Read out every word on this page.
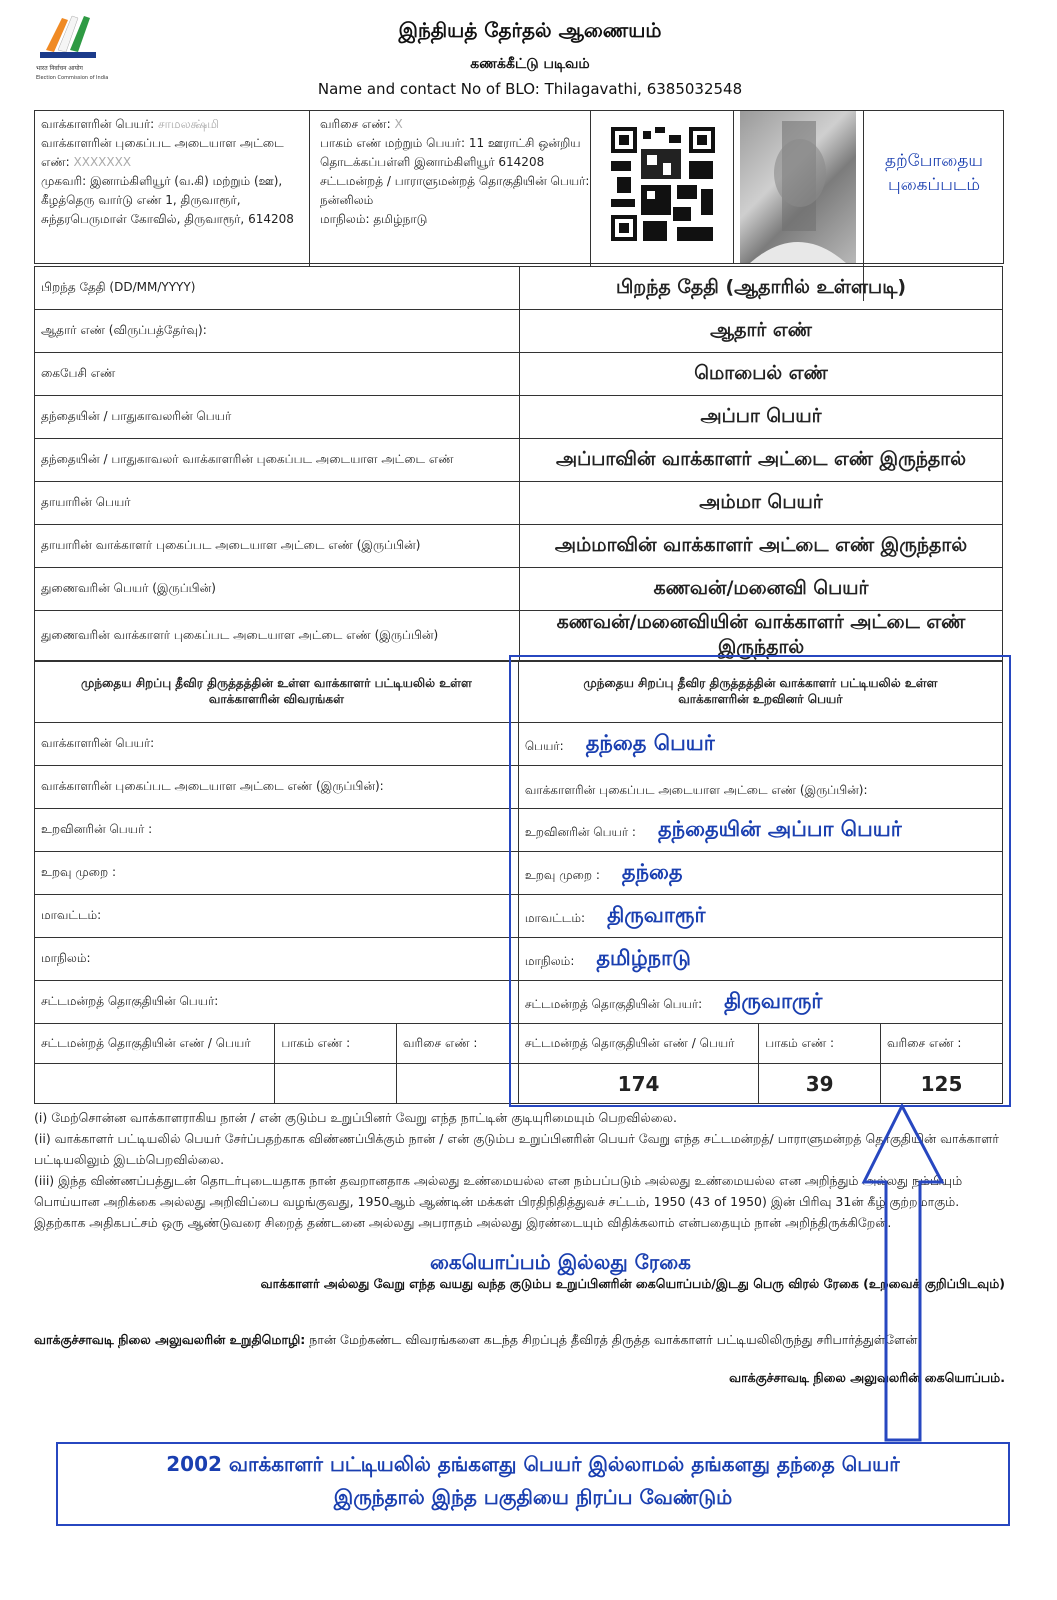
भारत निर्वाचन आयोग
Election Commission of India
இந்தியத் தேர்தல் ஆணையம்
கணக்கீட்டு படிவம்
Name and contact No of BLO: Thilagavathi, 6385032548
வாக்காளரின் பெயர்: சாமலக்ஷ்மி
வாக்காளரின் புகைப்பட அடையாள அட்டை எண்: XXXXXXX
முகவரி: இனாம்கிளியூர் (வ.கி) மற்றும் (ஊ), கீழத்தெரு வார்டு எண் 1, திருவாரூர், சுந்தரபெருமாள் கோவில், திருவாரூர், 614208
வரிசை எண்: X
பாகம் எண் மற்றும் பெயர்: 11 ஊராட்சி ஒன்றிய தொடக்கப்பள்ளி இனாம்கிளியூர் 614208
சட்டமன்றத் / பாராளுமன்றத் தொகுதியின் பெயர்: நன்னிலம்
மாநிலம்: தமிழ்நாடு
தற்போதைய புகைப்படம்
பிறந்த தேதி (DD/MM/YYYY)	பிறந்த தேதி (ஆதாரில் உள்ளபடி)
ஆதார் எண் (விருப்பத்தேர்வு):	ஆதார் எண்
கைபேசி எண்	மொபைல் எண்
தந்தையின் / பாதுகாவலரின் பெயர்	அப்பா பெயர்
தந்தையின் / பாதுகாவலர் வாக்காளரின் புகைப்பட அடையாள அட்டை எண்	அப்பாவின் வாக்காளர் அட்டை எண் இருந்தால்
தாயாரின் பெயர்	அம்மா பெயர்
தாயாரின் வாக்காளர் புகைப்பட அடையாள அட்டை எண் (இருப்பின்)	அம்மாவின் வாக்காளர் அட்டை எண் இருந்தால்
துணைவரின் பெயர் (இருப்பின்)	கணவன்/மனைவி பெயர்
துணைவரின் வாக்காளர் புகைப்பட அடையாள அட்டை எண் (இருப்பின்)	கணவன்/மனைவியின் வாக்காளர் அட்டை எண் இருந்தால்
முந்தைய சிறப்பு தீவிர திருத்தத்தின் உள்ள வாக்காளர் பட்டியலில் உள்ள வாக்காளரின் விவரங்கள்			முந்தைய சிறப்பு தீவிர திருத்தத்தின் வாக்காளர் பட்டியலில் உள்ள வாக்காளரின் உறவினர் பெயர்		
வாக்காளரின் பெயர்:			பெயர்: தந்தை பெயர்		
வாக்காளரின் புகைப்பட அடையாள அட்டை எண் (இருப்பின்):			வாக்காளரின் புகைப்பட அடையாள அட்டை எண் (இருப்பின்):		
உறவினரின் பெயர் :			உறவினரின் பெயர் : தந்தையின் அப்பா பெயர்		
உறவு முறை :			உறவு முறை : தந்தை		
மாவட்டம்:			மாவட்டம்: திருவாரூர்		
மாநிலம்:			மாநிலம்: தமிழ்நாடு		
சட்டமன்றத் தொகுதியின் பெயர்:			சட்டமன்றத் தொகுதியின் பெயர்: திருவாருர்		
சட்டமன்றத் தொகுதியின் எண் / பெயர்	பாகம் எண் :	வரிசை எண் :	சட்டமன்றத் தொகுதியின் எண் / பெயர்	பாகம் எண் :	வரிசை எண் :
			174	39	125
(i) மேற்சொன்ன வாக்காளராகிய நான் / என் குடும்ப உறுப்பினர் வேறு எந்த நாட்டின் குடியுரிமையும் பெறவில்லை.
(ii) வாக்காளர் பட்டியலில் பெயர் சேர்ப்பதற்காக விண்ணப்பிக்கும் நான் / என் குடும்ப உறுப்பினரின் பெயர் வேறு எந்த சட்டமன்றத்/ பாராளுமன்றத் தொகுதியின் வாக்காளர் பட்டியலிலும் இடம்பெறவில்லை.
(iii) இந்த விண்ணப்பத்துடன் தொடர்புடையதாக நான் தவறானதாக அல்லது உண்மையல்ல என நம்பப்படும் அல்லது உண்மையல்ல என அறிந்தும் அல்லது நம்பியும் பொய்யான அறிக்கை அல்லது அறிவிப்பை வழங்குவது, 1950ஆம் ஆண்டின் மக்கள் பிரதிநிதித்துவச் சட்டம், 1950 (43 of 1950) இன் பிரிவு 31ன் கீழ் குற்றமாகும். இதற்காக அதிகபட்சம் ஒரு ஆண்டுவரை சிறைத் தண்டனை அல்லது அபராதம் அல்லது இரண்டையும் விதிக்கலாம் என்பதையும் நான் அறிந்திருக்கிறேன்.
கையொப்பம் இல்லது ரேகை
வாக்காளர் அல்லது வேறு எந்த வயது வந்த குடும்ப உறுப்பினரின் கையொப்பம்/இடது பெரு விரல் ரேகை (உறவைக் குறிப்பிடவும்)
வாக்குச்சாவடி நிலை அலுவலரின் உறுதிமொழி: நான் மேற்கண்ட விவரங்களை கடந்த சிறப்புத் தீவிரத் திருத்த வாக்காளர் பட்டியலிலிருந்து சரிபார்த்துள்ளேன்.
வாக்குச்சாவடி நிலை அலுவலரின் கையொப்பம்.
2002 வாக்காளர் பட்டியலில் தங்களது பெயர் இல்லாமல் தங்களது தந்தை பெயர்
இருந்தால் இந்த பகுதியை நிரப்ப வேண்டும்
